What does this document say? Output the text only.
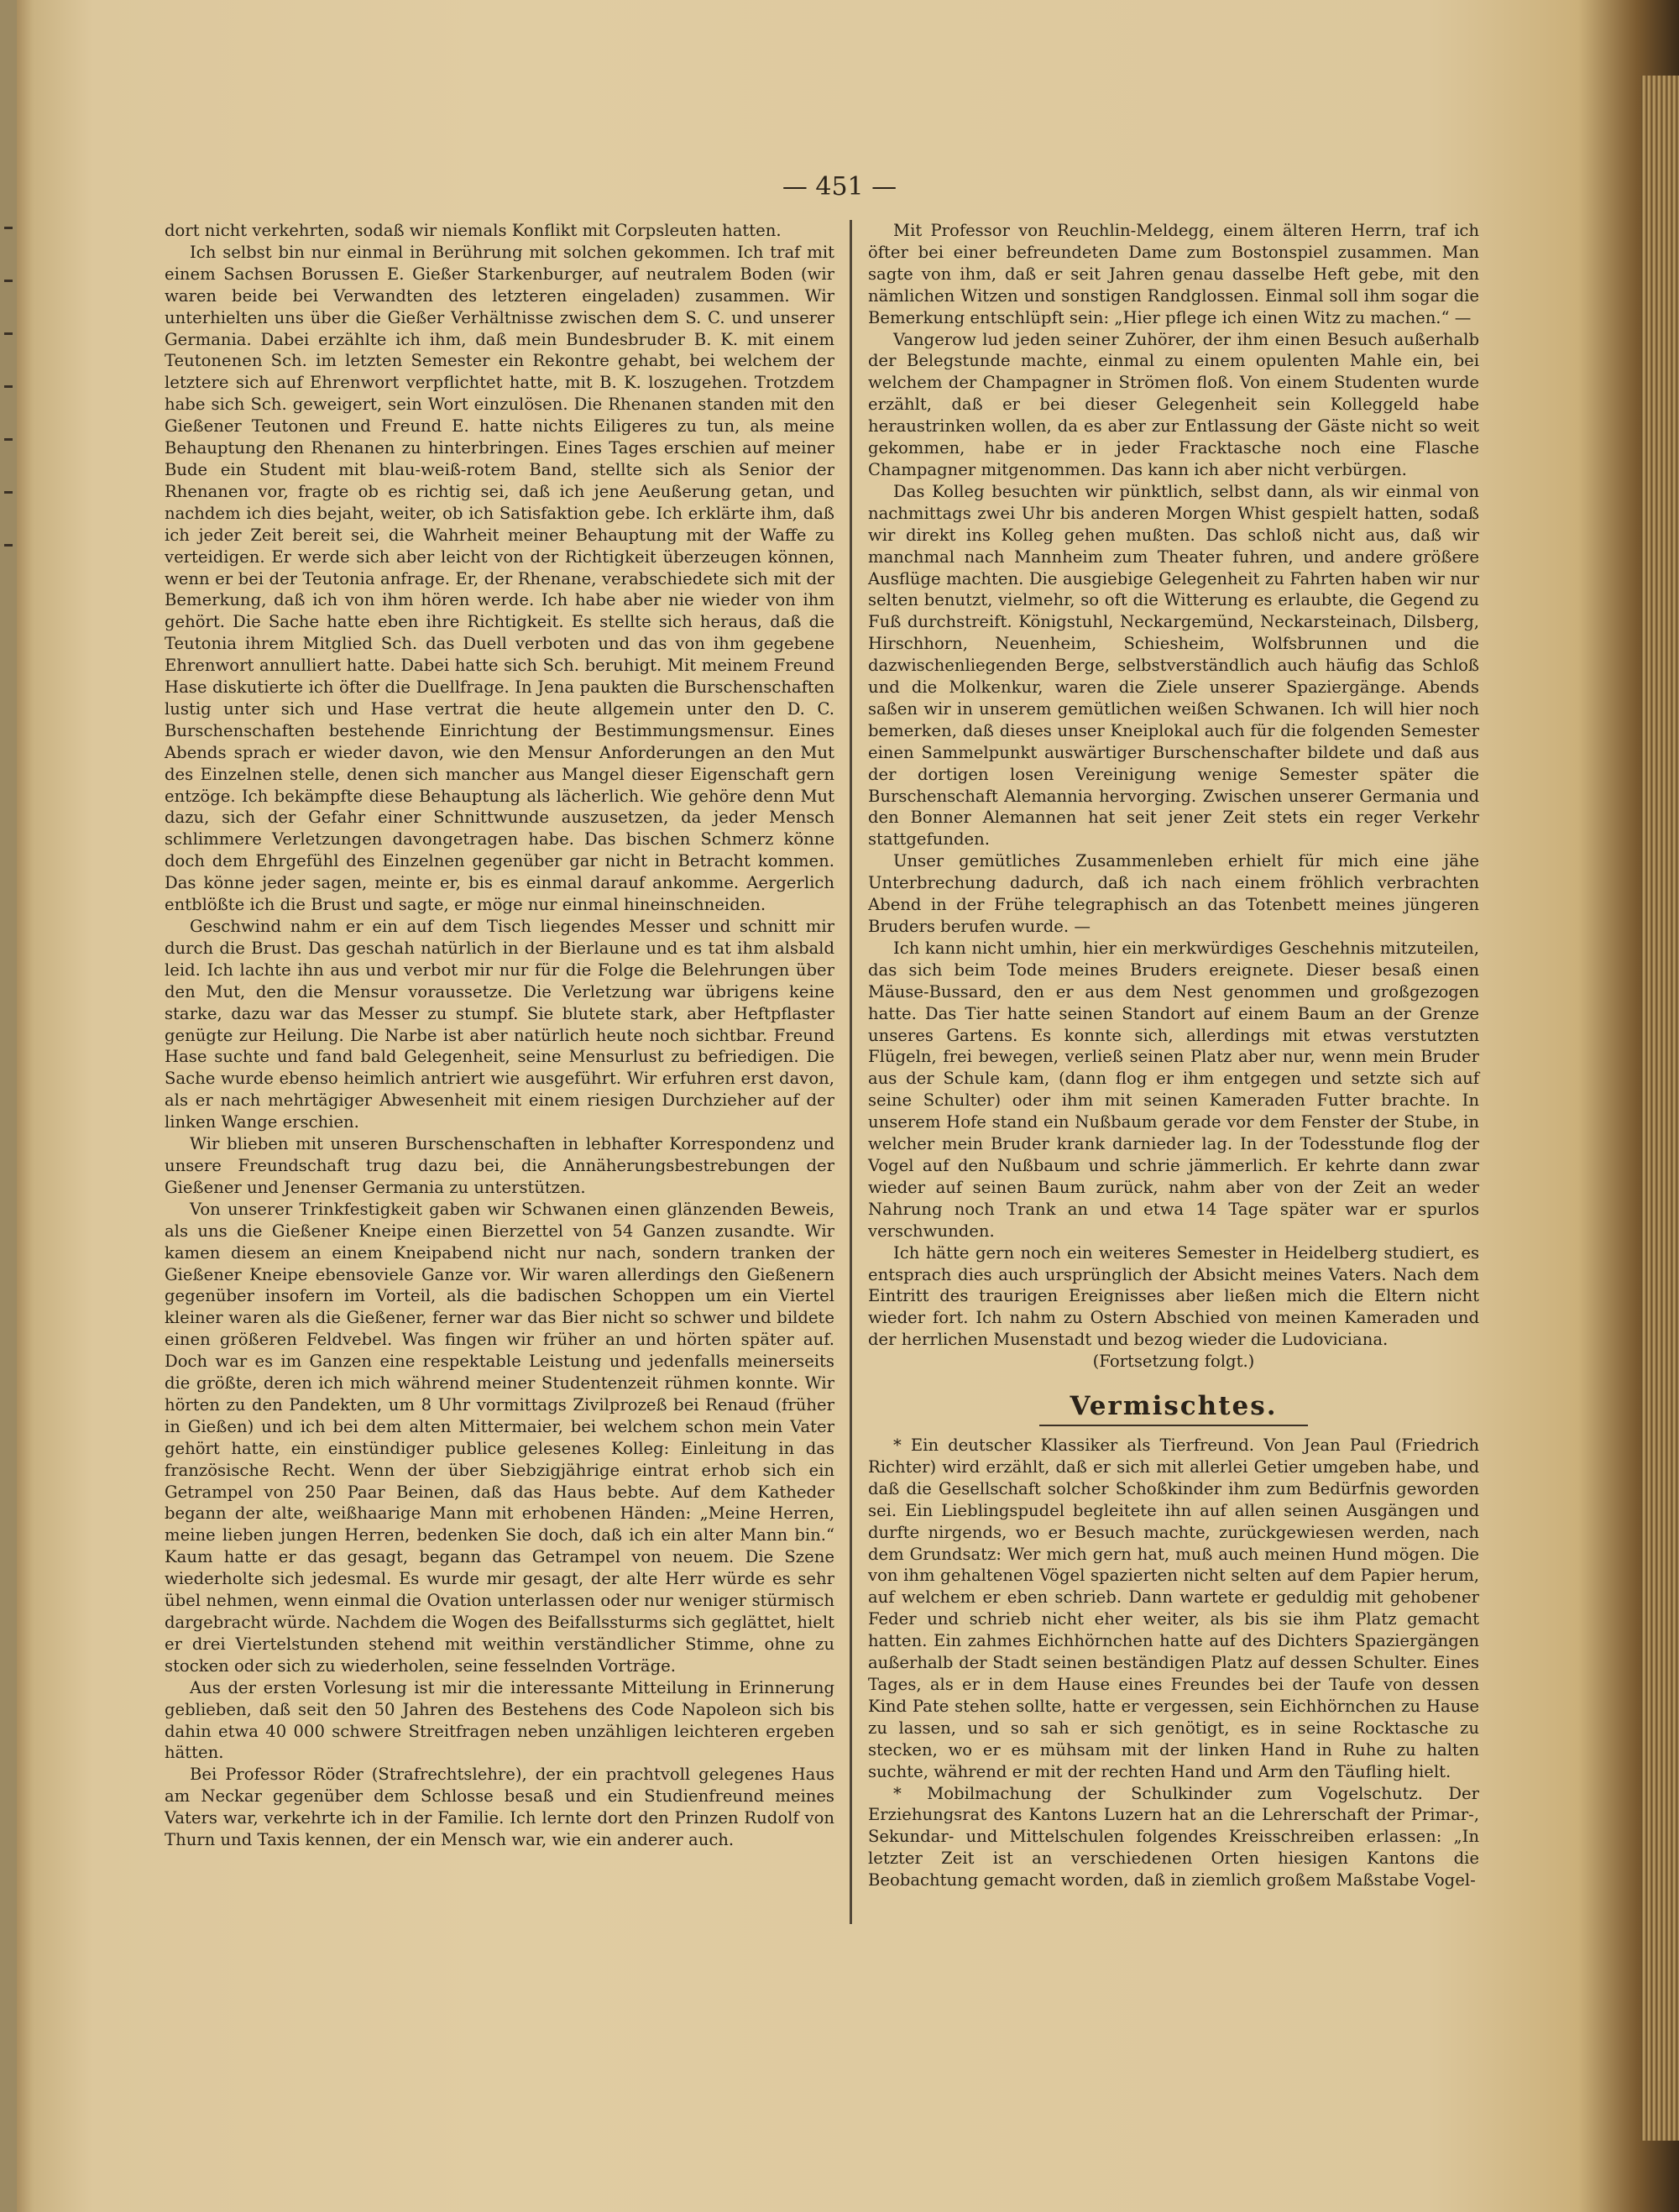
— 451 —

dort nicht verkehrten, sodaß wir niemals Konflikt mit Corpsleuten hatten.

Ich selbst bin nur einmal in Berührung mit solchen gekommen. Ich traf mit einem Sachsen Borussen E. Gießer Starkenburger, auf neutralem Boden (wir waren beide bei Verwandten des letzteren eingeladen) zusammen. Wir unterhielten uns über die Gießer Verhältnisse zwischen dem S. C. und unserer Germania. Dabei erzählte ich ihm, daß mein Bundesbruder B. K. mit einem Teutonenen Sch. im letzten Semester ein Rekontre gehabt, bei welchem der letztere sich auf Ehrenwort verpflichtet hatte, mit B. K. loszugehen. Trotzdem habe sich Sch. geweigert, sein Wort einzulösen. Die Rhenanen standen mit den Gießener Teutonen und Freund E. hatte nichts Eiligeres zu tun, als meine Behauptung den Rhenanen zu hinterbringen. Eines Tages erschien auf meiner Bude ein Student mit blau-weiß-rotem Band, stellte sich als Senior der Rhenanen vor, fragte ob es richtig sei, daß ich jene Aeußerung getan, und nachdem ich dies bejaht, weiter, ob ich Satisfaktion gebe. Ich erklärte ihm, daß ich jeder Zeit bereit sei, die Wahrheit meiner Behauptung mit der Waffe zu verteidigen. Er werde sich aber leicht von der Richtigkeit überzeugen können, wenn er bei der Teutonia anfrage. Er, der Rhenane, verabschiedete sich mit der Bemerkung, daß ich von ihm hören werde. Ich habe aber nie wieder von ihm gehört. Die Sache hatte eben ihre Richtigkeit. Es stellte sich heraus, daß die Teutonia ihrem Mitglied Sch. das Duell verboten und das von ihm gegebene Ehrenwort annulliert hatte. Dabei hatte sich Sch. beruhigt. Mit meinem Freund Hase diskutierte ich öfter die Duellfrage. In Jena paukten die Burschenschaften lustig unter sich und Hase vertrat die heute allgemein unter den D. C. Burschenschaften bestehende Einrichtung der Bestimmungsmensur. Eines Abends sprach er wieder davon, wie den Mensur Anforderungen an den Mut des Einzelnen stelle, denen sich mancher aus Mangel dieser Eigenschaft gern entzöge. Ich bekämpfte diese Behauptung als lächerlich. Wie gehöre denn Mut dazu, sich der Gefahr einer Schnittwunde auszusetzen, da jeder Mensch schlimmere Verletzungen davongetragen habe. Das bischen Schmerz könne doch dem Ehrgefühl des Einzelnen gegenüber gar nicht in Betracht kommen. Das könne jeder sagen, meinte er, bis es einmal darauf ankomme. Aergerlich entblößte ich die Brust und sagte, er möge nur einmal hineinschneiden.

Geschwind nahm er ein auf dem Tisch liegendes Messer und schnitt mir durch die Brust. Das geschah natürlich in der Bierlaune und es tat ihm alsbald leid. Ich lachte ihn aus und verbot mir nur für die Folge die Belehrungen über den Mut, den die Mensur voraussetze. Die Verletzung war übrigens keine starke, dazu war das Messer zu stumpf. Sie blutete stark, aber Heftpflaster genügte zur Heilung. Die Narbe ist aber natürlich heute noch sichtbar. Freund Hase suchte und fand bald Gelegenheit, seine Mensurlust zu befriedigen. Die Sache wurde ebenso heimlich antriert wie ausgeführt. Wir erfuhren erst davon, als er nach mehrtägiger Abwesenheit mit einem riesigen Durchzieher auf der linken Wange erschien.

Wir blieben mit unseren Burschenschaften in lebhafter Korrespondenz und unsere Freundschaft trug dazu bei, die Annäherungsbestrebungen der Gießener und Jenenser Germania zu unterstützen.

Von unserer Trinkfestigkeit gaben wir Schwanen einen glänzenden Beweis, als uns die Gießener Kneipe einen Bierzettel von 54 Ganzen zusandte. Wir kamen diesem an einem Kneipabend nicht nur nach, sondern tranken der Gießener Kneipe ebensoviele Ganze vor. Wir waren allerdings den Gießenern gegenüber insofern im Vorteil, als die badischen Schoppen um ein Viertel kleiner waren als die Gießener, ferner war das Bier nicht so schwer und bildete einen größeren Feldvebel. Was fingen wir früher an und hörten später auf. Doch war es im Ganzen eine respektable Leistung und jedenfalls meinerseits die größte, deren ich mich während meiner Studentenzeit rühmen konnte. Wir hörten zu den Pandekten, um 8 Uhr vormittags Zivilprozeß bei Renaud (früher in Gießen) und ich bei dem alten Mittermaier, bei welchem schon mein Vater gehört hatte, ein einstündiger publice gelesenes Kolleg: Einleitung in das französische Recht. Wenn der über Siebzigjährige eintrat erhob sich ein Getrampel von 250 Paar Beinen, daß das Haus bebte. Auf dem Katheder begann der alte, weißhaarige Mann mit erhobenen Händen: „Meine Herren, meine lieben jungen Herren, bedenken Sie doch, daß ich ein alter Mann bin.“ Kaum hatte er das gesagt, begann das Getrampel von neuem. Die Szene wiederholte sich jedesmal. Es wurde mir gesagt, der alte Herr würde es sehr übel nehmen, wenn einmal die Ovation unterlassen oder nur weniger stürmisch dargebracht würde. Nachdem die Wogen des Beifallssturms sich geglättet, hielt er drei Viertelstunden stehend mit weithin verständlicher Stimme, ohne zu stocken oder sich zu wiederholen, seine fesselnden Vorträge.

Aus der ersten Vorlesung ist mir die interessante Mitteilung in Erinnerung geblieben, daß seit den 50 Jahren des Bestehens des Code Napoleon sich bis dahin etwa 40 000 schwere Streitfragen neben unzähligen leichteren ergeben hätten.

Bei Professor Röder (Strafrechtslehre), der ein prachtvoll gelegenes Haus am Neckar gegenüber dem Schlosse besaß und ein Studienfreund meines Vaters war, verkehrte ich in der Familie. Ich lernte dort den Prinzen Rudolf von Thurn und Taxis kennen, der ein Mensch war, wie ein anderer auch.

Mit Professor von Reuchlin-Meldegg, einem älteren Herrn, traf ich öfter bei einer befreundeten Dame zum Bostonspiel zusammen. Man sagte von ihm, daß er seit Jahren genau dasselbe Heft gebe, mit den nämlichen Witzen und sonstigen Randglossen. Einmal soll ihm sogar die Bemerkung entschlüpft sein: „Hier pflege ich einen Witz zu machen.“ —

Vangerow lud jeden seiner Zuhörer, der ihm einen Besuch außerhalb der Belegstunde machte, einmal zu einem opulenten Mahle ein, bei welchem der Champagner in Strömen floß. Von einem Studenten wurde erzählt, daß er bei dieser Gelegenheit sein Kolleggeld habe heraustrinken wollen, da es aber zur Entlassung der Gäste nicht so weit gekommen, habe er in jeder Fracktasche noch eine Flasche Champagner mitgenommen. Das kann ich aber nicht verbürgen.

Das Kolleg besuchten wir pünktlich, selbst dann, als wir einmal von nachmittags zwei Uhr bis anderen Morgen Whist gespielt hatten, sodaß wir direkt ins Kolleg gehen mußten. Das schloß nicht aus, daß wir manchmal nach Mannheim zum Theater fuhren, und andere größere Ausflüge machten. Die ausgiebige Gelegenheit zu Fahrten haben wir nur selten benutzt, vielmehr, so oft die Witterung es erlaubte, die Gegend zu Fuß durchstreift. Königstuhl, Neckargemünd, Neckarsteinach, Dilsberg, Hirschhorn, Neuenheim, Schiesheim, Wolfsbrunnen und die dazwischenliegenden Berge, selbstverständlich auch häufig das Schloß und die Molkenkur, waren die Ziele unserer Spaziergänge. Abends saßen wir in unserem gemütlichen weißen Schwanen. Ich will hier noch bemerken, daß dieses unser Kneiplokal auch für die folgenden Semester einen Sammelpunkt auswärtiger Burschenschafter bildete und daß aus der dortigen losen Vereinigung wenige Semester später die Burschenschaft Alemannia hervorging. Zwischen unserer Germania und den Bonner Alemannen hat seit jener Zeit stets ein reger Verkehr stattgefunden.

Unser gemütliches Zusammenleben erhielt für mich eine jähe Unterbrechung dadurch, daß ich nach einem fröhlich verbrachten Abend in der Frühe telegraphisch an das Totenbett meines jüngeren Bruders berufen wurde. —

Ich kann nicht umhin, hier ein merkwürdiges Geschehnis mitzuteilen, das sich beim Tode meines Bruders ereignete. Dieser besaß einen Mäuse-Bussard, den er aus dem Nest genommen und großgezogen hatte. Das Tier hatte seinen Standort auf einem Baum an der Grenze unseres Gartens. Es konnte sich, allerdings mit etwas verstutzten Flügeln, frei bewegen, verließ seinen Platz aber nur, wenn mein Bruder aus der Schule kam, (dann flog er ihm entgegen und setzte sich auf seine Schulter) oder ihm mit seinen Kameraden Futter brachte. In unserem Hofe stand ein Nußbaum gerade vor dem Fenster der Stube, in welcher mein Bruder krank darnieder lag. In der Todesstunde flog der Vogel auf den Nußbaum und schrie jämmerlich. Er kehrte dann zwar wieder auf seinen Baum zurück, nahm aber von der Zeit an weder Nahrung noch Trank an und etwa 14 Tage später war er spurlos verschwunden.

Ich hätte gern noch ein weiteres Semester in Heidelberg studiert, es entsprach dies auch ursprünglich der Absicht meines Vaters. Nach dem Eintritt des traurigen Ereignisses aber ließen mich die Eltern nicht wieder fort. Ich nahm zu Ostern Abschied von meinen Kameraden und der herrlichen Musenstadt und bezog wieder die Ludoviciana.

(Fortsetzung folgt.)

Vermischtes.

* Ein deutscher Klassiker als Tierfreund. Von Jean Paul (Friedrich Richter) wird erzählt, daß er sich mit allerlei Getier umgeben habe, und daß die Gesellschaft solcher Schoßkinder ihm zum Bedürfnis geworden sei. Ein Lieblingspudel begleitete ihn auf allen seinen Ausgängen und durfte nirgends, wo er Besuch machte, zurückgewiesen werden, nach dem Grundsatz: Wer mich gern hat, muß auch meinen Hund mögen. Die von ihm gehaltenen Vögel spazierten nicht selten auf dem Papier herum, auf welchem er eben schrieb. Dann wartete er geduldig mit gehobener Feder und schrieb nicht eher weiter, als bis sie ihm Platz gemacht hatten. Ein zahmes Eichhörnchen hatte auf des Dichters Spaziergängen außerhalb der Stadt seinen beständigen Platz auf dessen Schulter. Eines Tages, als er in dem Hause eines Freundes bei der Taufe von dessen Kind Pate stehen sollte, hatte er vergessen, sein Eichhörnchen zu Hause zu lassen, und so sah er sich genötigt, es in seine Rocktasche zu stecken, wo er es mühsam mit der linken Hand in Ruhe zu halten suchte, während er mit der rechten Hand und Arm den Täufling hielt.

* Mobilmachung der Schulkinder zum Vogelschutz. Der Erziehungsrat des Kantons Luzern hat an die Lehrerschaft der Primar-, Sekundar- und Mittelschulen folgendes Kreisschreiben erlassen: „In letzter Zeit ist an verschiedenen Orten hiesigen Kantons die Beobachtung gemacht worden, daß in ziemlich großem Maßstabe Vogel-
